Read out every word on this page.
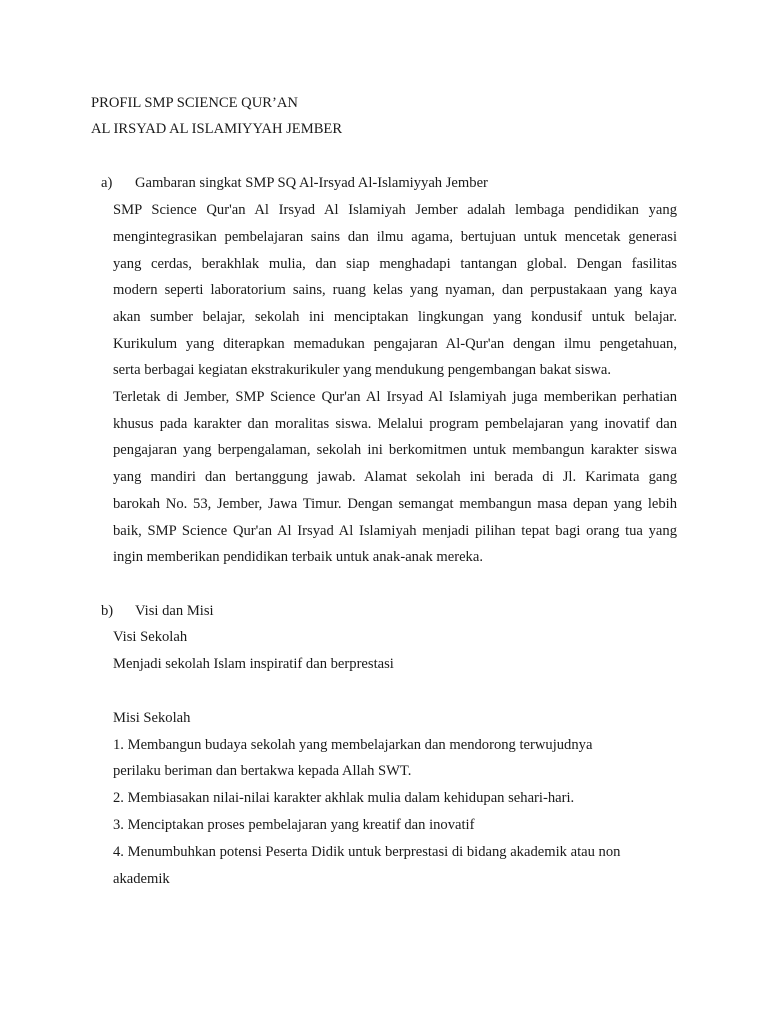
PROFIL SMP SCIENCE QUR’AN
AL IRSYAD AL ISLAMIYYAH JEMBER
a) Gambaran singkat SMP SQ Al-Irsyad Al-Islamiyyah Jember
SMP Science Qur'an Al Irsyad Al Islamiyah Jember adalah lembaga pendidikan yang
mengintegrasikan pembelajaran sains dan ilmu agama, bertujuan untuk mencetak generasi
yang cerdas, berakhlak mulia, dan siap menghadapi tantangan global. Dengan fasilitas
modern seperti laboratorium sains, ruang kelas yang nyaman, dan perpustakaan yang kaya
akan sumber belajar, sekolah ini menciptakan lingkungan yang kondusif untuk belajar.
Kurikulum yang diterapkan memadukan pengajaran Al-Qur'an dengan ilmu pengetahuan,
serta berbagai kegiatan ekstrakurikuler yang mendukung pengembangan bakat siswa.
Terletak di Jember, SMP Science Qur'an Al Irsyad Al Islamiyah juga memberikan perhatian
khusus pada karakter dan moralitas siswa. Melalui program pembelajaran yang inovatif dan
pengajaran yang berpengalaman, sekolah ini berkomitmen untuk membangun karakter siswa
yang mandiri dan bertanggung jawab. Alamat sekolah ini berada di Jl. Karimata gang
barokah No. 53, Jember, Jawa Timur. Dengan semangat membangun masa depan yang lebih
baik, SMP Science Qur'an Al Irsyad Al Islamiyah menjadi pilihan tepat bagi orang tua yang
ingin memberikan pendidikan terbaik untuk anak-anak mereka.
b) Visi dan Misi
Visi Sekolah
Menjadi sekolah Islam inspiratif dan berprestasi
Misi Sekolah
1. Membangun budaya sekolah yang membelajarkan dan mendorong terwujudnya
perilaku beriman dan bertakwa kepada Allah SWT.
2. Membiasakan nilai-nilai karakter akhlak mulia dalam kehidupan sehari-hari.
3. Menciptakan proses pembelajaran yang kreatif dan inovatif
4. Menumbuhkan potensi Peserta Didik untuk berprestasi di bidang akademik atau non
akademik
